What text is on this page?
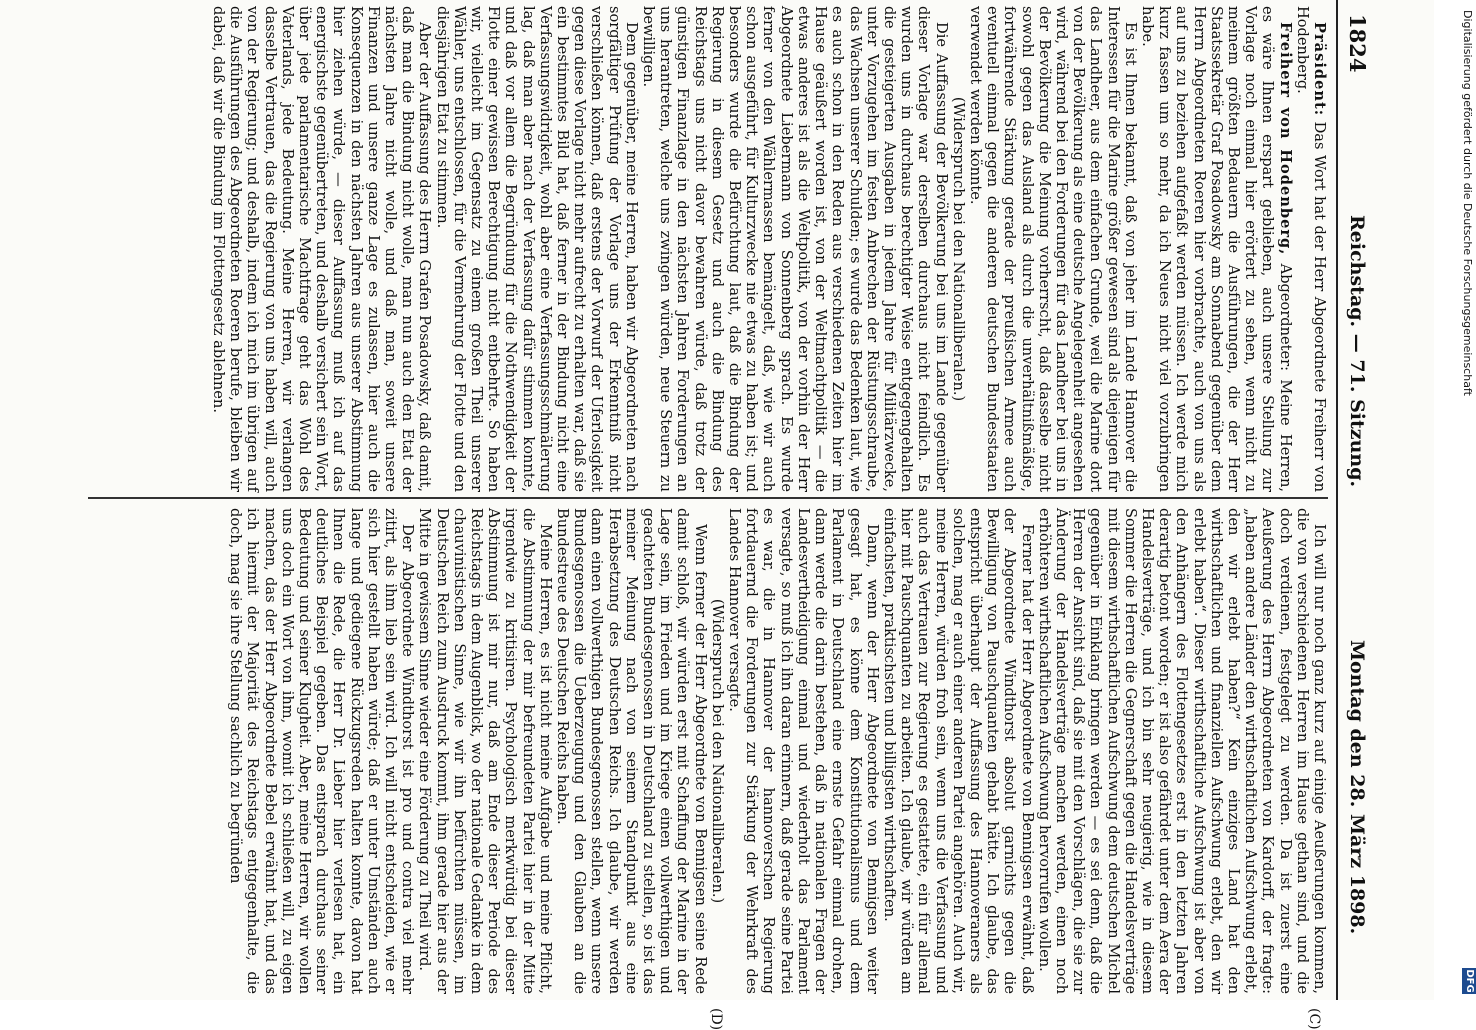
1824
Reichstag. — 71. Sitzung.
Montag den 28. März 1898.
(C)
(D)

Präsident: Das Wort hat der Herr Abgeordnete Freiherr von Hodenberg.

Freiherr von Hodenberg, Abgeordneter: Meine Herren, es wäre Ihnen erspart geblieben, auch unsere Stellung zur Vorlage noch einmal hier erörtert zu sehen, wenn nicht zu meinem größten Bedauern die Ausführungen, die der Herr Staatssekretär Graf Posadowsky am Sonnabend gegenüber dem Herrn Abgeordneten Roeren hier vorbrachte, auch von uns als auf uns zu beziehen aufgefaßt werden müssen. Ich werde mich kurz fassen um so mehr, da ich Neues nicht viel vorzubringen habe.

Es ist Ihnen bekannt, daß von jeher im Lande Hannover die Interessen für die Marine größer gewesen sind als diejenigen für das Landheer, aus dem einfachen Grunde, weil die Marine dort von der Bevölkerung als eine deutsche Angelegenheit angesehen wird, während bei den Forderungen für das Landheer bei uns in der Bevölkerung die Meinung vorherrscht, daß dasselbe nicht sowohl gegen das Ausland als durch die unverhältnißmäßige, fortwährende Stärkung gerade der preußischen Armee auch eventuell einmal gegen die anderen deutschen Bundesstaaten verwendet werden könnte.

(Widerspruch bei den Nationalliberalen.)

Die Auffassung der Bevölkerung bei uns im Lande gegenüber dieser Vorlage war derselben durchaus nicht feindlich. Es wurden uns in durchaus berechtigter Weise entgegengehalten die gesteigerten Ausgaben in jedem Jahre für Militärzwecke, unter Vorzugehen im festen Anbrechen der Rüstungsschraube, das Wachsen unserer Schulden; es wurde das Bedenken laut, wie es auch schon in den Reden aus verschiedenen Zeiten hier im Hause geäußert worden ist, von der Weltmachtpolitik — die etwas anderes ist als die Weltpolitik, von der vorhin der Herr Abgeordnete Liebermann von Sonnenberg sprach. Es wurde ferner von den Wählermassen bemängelt, daß, wie wir auch schon ausgeführt, für Kulturzwecke nie etwas zu haben ist; und besonders wurde die Befürchtung laut, daß die Bindung der Regierung in diesem Gesetz und auch die Bindung des Reichstags uns nicht davor bewahren würde, daß trotz der günstigen Finanzlage in den nächsten Jahren Forderungen an uns herantreten, welche uns zwingen würden, neue Steuern zu bewilligen.

Dem gegenüber, meine Herren, haben wir Abgeordneten nach sorgfältiger Prüfung der Vorlage uns der Erkenntniß nicht verschließen können, daß erstens der Vorwurf der Uferlosigkeit gegen diese Vorlage nicht mehr aufrecht zu erhalten war, daß sie ein bestimmtes Bild hat, daß ferner in der Bindung nicht eine Verfassungswidrigkeit, wohl aber eine Verfassungsschmälerung lag, daß man aber nach der Verfassung dafür stimmen konnte, und daß vor allem die Begründung für die Nothwendigkeit der Flotte einer gewissen Berechtigung nicht entbehrte. So haben wir, vielleicht im Gegensatz zu einem großen Theil unserer Wähler, uns entschlossen, für die Vermehrung der Flotte und den diesjährigen Etat zu stimmen.

Aber der Auffassung des Herrn Grafen Posadowsky, daß damit, daß man die Bindung nicht wolle, man nun auch den Etat der nächsten Jahre nicht wolle, und daß man, soweit unsere Finanzen und unsere ganze Lage es zulassen, hier auch die Konsequenzen in den nächsten Jahren aus unserer Abstimmung hier ziehen würde, — dieser Auffassung muß ich auf das energischste gegenübertreten, und deshalb versichert sein Wort, über jede parlamentarische Machtfrage geht das Wohl des Vaterlands, jede Bedeutung. Meine Herren, wir verlangen dasselbe Vertrauen, das die Regierung von uns haben will, auch von der Regierung; und deshalb, indem ich mich im übrigen auf die Ausführungen des Abgeordneten Roeren berufe, bleiben wir dabei, daß wir die Bindung im Flottengesetz ablehnen.

Ich will nur noch ganz kurz auf einige Aeußerungen kommen, die von verschiedenen Herren im Hause gethan sind, und die doch verdienen, festgelegt zu werden. Da ist zuerst eine Aeußerung des Herrn Abgeordneten von Kardorff, der fragte: „haben andere Länder den wirthschaftlichen Aufschwung erlebt, den wir erlebt haben?“ Kein einziges Land hat den wirthschaftlichen und finanziellen Aufschwung erlebt, den wir erlebt haben“. Dieser wirthschaftliche Aufschwung ist aber von den Anhängern des Flottengesetzes erst in den letzten Jahren derartig betont worden; er ist also gefährdet unter dem Aera der Handelsverträge, und ich bin sehr neugierig, wie in diesem Sommer die Herren die Gegnerschaft gegen die Handelsverträge mit diesem wirthschaftlichen Aufschwung dem deutschen Michel gegenüber in Einklang bringen werden — es sei denn, daß die Herren der Ansicht sind, daß sie mit den Vorschlägen, die sie zur Änderung der Handelsverträge machen werden, einen noch erhöhteren wirthschaftlichen Aufschwung hervorrufen wollen.

Ferner hat der Herr Abgeordnete von Bennigsen erwähnt, daß der Abgeordnete Windthorst absolut garnichts gegen die Bewilligung von Pauschquanten gehabt hätte. Ich glaube, das entspricht überhaupt der Auffassung des Hannoveraners als solchen, mag er auch einer anderen Partei angehören. Auch wir, meine Herren, würden froh sein, wenn uns die Verfassung und auch das Vertrauen zur Regierung es gestattete, ein für allemal hier mit Pauschquanten zu arbeiten. Ich glaube, wir würden am einfachsten, praktischsten und billigsten wirthschaften.

Dann, wenn der Herr Abgeordnete von Bennigsen weiter gesagt hat, es könne dem Konstitutionalismus und dem Parlament in Deutschland eine ernste Gefahr einmal drohen, dann werde die darin bestehen, daß in nationalen Fragen der Landesvertheidigung einmal und wiederholt das Parlament versagte, so muß ich ihn daran erinnern, daß gerade seine Partei es war, die in Hannover der hannoverschen Regierung fortdauernd die Forderungen zur Stärkung der Wehrkraft des Landes Hannover versagte.

(Widerspruch bei den Nationalliberalen.)

Wenn ferner der Herr Abgeordnete von Bennigsen seine Rede damit schloß, wir würden erst mit Schaffung der Marine in der Lage sein, im Frieden und im Kriege einen vollwerthigen und geachteten Bundesgenossen in Deutschland zu stellen, so ist das meiner Meinung nach von seinem Standpunkt aus eine Herabsetzung des Deutschen Reichs. Ich glaube, wir werden dann einen vollwerthigen Bundesgenossen stellen, wenn unsere Bundesgenossen die Ueberzeugung und den Glauben an die Bundestreue des Deutschen Reichs haben.

Meine Herren, es ist nicht meine Aufgabe und meine Pflicht, die Abstimmung der mir befreundeten Partei hier in der Mitte irgendwie zu kritisiren. Psychologisch merkwürdig bei dieser Abstimmung ist mir nur, daß am Ende dieser Periode des Reichstags in dem Augenblick, wo der nationale Gedanke in dem chauvinistischen Sinne, wie wir ihn befürchten müssen, im Deutschen Reich zum Ausdruck kommt, ihm gerade hier aus der Mitte in gewissem Sinne wieder eine Förderung zu Theil wird.

Der Abgeordnete Windthorst ist pro und contra viel mehr zitirt, als ihm lieb sein wird. Ich will nicht entscheiden, wie er sich hier gestellt haben würde; daß er unter Umständen auch lange und gediegene Rückzugsreden halten konnte, davon hat Ihnen die Rede, die Herr Dr. Lieber hier verlesen hat, ein deutliches Beispiel gegeben. Das entsprach durchaus seiner Bedeutung und seiner Klugheit. Aber, meine Herren, wir wollen uns doch ein Wort von ihm, womit ich schließen will, zu eigen machen, das der Herr Abgeordnete Bebel erwähnt hat, und das ich hiermit der Majorität des Reichstags entgegenhalte, die doch, mag sie ihre Stellung sachlich zu begründen

Digitalisierung gefördert durch die Deutsche Forschungsgemeinschaft
DFG
